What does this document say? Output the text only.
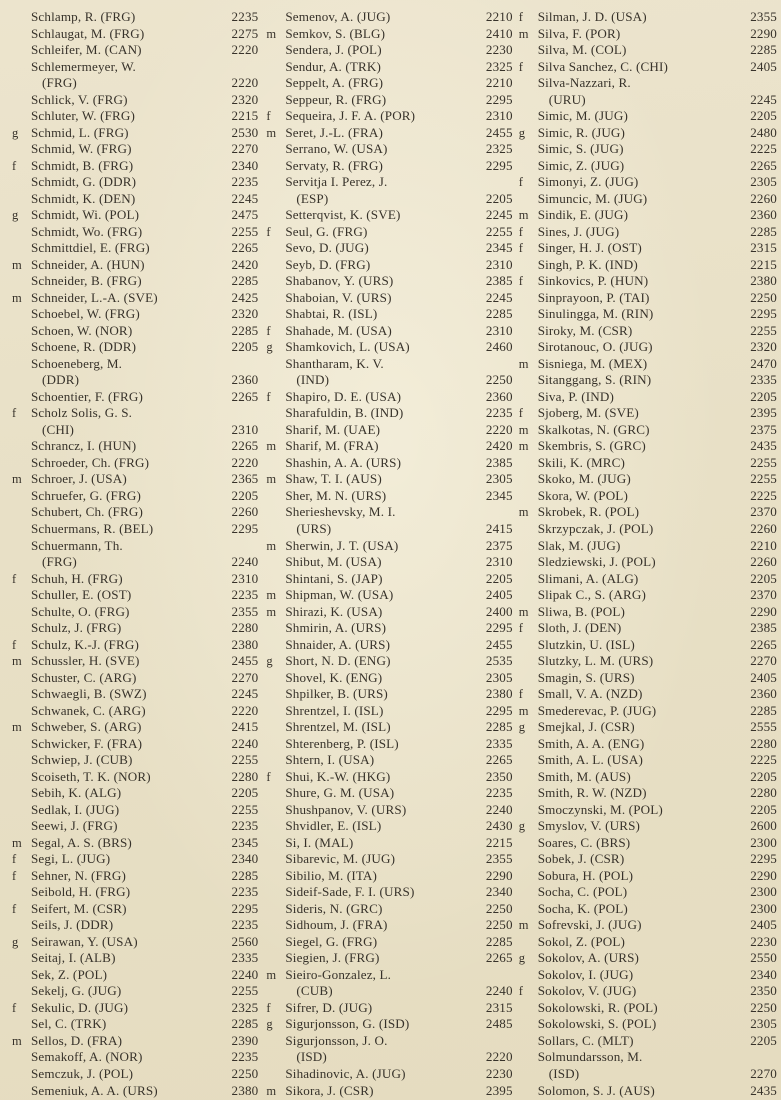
Schlamp, R. (FRG)	2235
Schlaugat, M. (FRG)	2275
Schleifer, M. (CAN)	2220
Schlemermeyer, W.
(FRG)	2220
Schlick, V. (FRG)	2320
Schluter, W. (FRG)	2215
g Schmid, L. (FRG)	2530
Schmid, W. (FRG)	2270
f	Schmidt, B. (FRG)	2340
Schmidt, G. (DDR)	2235
Schmidt, K. (DEN)	2245
g Schmidt, Wi. (POL)	2475
Schmidt, Wo. (FRG)	2255
Schmittdiel, E. (FRG)	2265
m Schneider, A. (HUN)	2420
Schneider, B. (FRG)	2285
m Schneider, L.-A. (SVE)	2425
Schoebel, W. (FRG)	2320
Schoen, W. (NOR)	2285
Schoene, R. (DDR)	2205
Schoeneberg, M.
(DDR)	2360
Schoentier, F. (FRG)	2265
f	Scholz Solis, G. S.
(CHI)	2310
Schrancz, I. (HUN)	2265
Schroeder, Ch. (FRG)	2220
m Schroer, J. (USA)	2365
Schruefer, G. (FRG)	2205
Schubert, Ch. (FRG)	2260
Schuermans, R. (BEL)	2295
Schuermann, Th.
(FRG)	2240
f	Schuh, H. (FRG)	2310
Schuller, E. (OST)	2235
Schulte, O. (FRG)	2355
Schulz, J. (FRG)	2280
f	Schulz, K.-J. (FRG)	2380
m Schussler, H. (SVE)	2455
Schuster, C. (ARG)	2270
Schwaegli, B. (SWZ)	2245
Schwanek, C. (ARG)	2220
m Schweber, S. (ARG)	2415
Schwicker, F. (FRA)	2240
Schwiep, J. (CUB)	2255
Scoiseth, T. K. (NOR)	2280
Sebih, K. (ALG)	2205
Sedlak, I. (JUG)	2255
Seewi, J. (FRG)	2235
m Segal, A. S. (BRS)	2345
f	Segi, L. (JUG)	2340
f	Sehner, N. (FRG)	2285
Seibold, H. (FRG)	2235
f	Seifert, M. (CSR)	2295
Seils, J. (DDR)	2235
g Seirawan, Y. (USA)	2560
Seitaj, I. (ALB)	2335
Sek, Z. (POL)	2240
Sekelj, G. (JUG)	2255
f	Sekulic, D. (JUG)	2325
Sel, C. (TRK)	2285
m Sellos, D. (FRA)	2390
Semakoff, A. (NOR)	2235
Semczuk, J. (POL)	2250
Semeniuk, A. A. (URS)	2380
Semenov, A. (JUG)	2210
m Semkov, S. (BLG)	2410
Sendera, J. (POL)	2230
Sendur, A. (TRK)	2325
Seppelt, A. (FRG)	2210
Seppeur, R. (FRG)	2295
f	Sequeira, J. F. A. (POR)	2310
m Seret, J.-L. (FRA)	2455
Serrano, W. (USA)	2325
Servaty, R. (FRG)	2295
Servitja I. Perez, J.
(ESP)	2205
Setterqvist, K. (SVE)	2245
f	Seul, G. (FRG)	2255
Sevo, D. (JUG)	2345
Seyb, D. (FRG)	2310
Shabanov, Y. (URS)	2385
Shaboian, V. (URS)	2245
Shabtai, R. (ISL)	2285
f	Shahade, M. (USA)	2310
g Shamkovich, L. (USA)	2460
Shantharam, K. V.
(IND)	2250
f	Shapiro, D. E. (USA)	2360
Sharafuldin, B. (IND)	2235
Sharif, M. (UAE)	2220
m Sharif, M. (FRA)	2420
Shashin, A. A. (URS)	2385
m Shaw, T. I. (AUS)	2305
Sher, M. N. (URS)	2345
Sherieshevsky, M. I.
(URS)	2415
m Sherwin, J. T. (USA)	2375
Shibut, M. (USA)	2310
Shintani, S. (JAP)	2205
m Shipman, W. (USA)	2405
m Shirazi, K. (USA)	2400
Shmirin, A. (URS)	2295
Shnaider, A. (URS)	2455
g Short, N. D. (ENG)	2535
Shovel, K. (ENG)	2305
Shpilker, B. (URS)	2380
Shrentzel, I. (ISL)	2295
Shrentzel, M. (ISL)	2285
Shterenberg, P. (ISL)	2335
Shtern, I. (USA)	2265
f	Shui, K.-W. (HKG)	2350
Shure, G. M. (USA)	2235
Shushpanov, V. (URS)	2240
Shvidler, E. (ISL)	2430
Si, I. (MAL)	2215
Sibarevic, M. (JUG)	2355
Sibilio, M. (ITA)	2290
Sideif-Sade, F. I. (URS)	2340
Sideris, N. (GRC)	2250
Sidhoum, J. (FRA)	2250
Siegel, G. (FRG)	2285
Siegien, J. (FRG)	2265
m Sieiro-Gonzalez, L.
(CUB)	2240
f	Sifrer, D. (JUG)	2315
g Sigurjonsson, G. (ISD)	2485
Sigurjonsson, J. O.
(ISD)	2220
Sihadinovic, A. (JUG)	2230
m Sikora, J. (CSR)	2395
f	Silman, J. D. (USA)	2355
m Silva, F. (POR)	2290
Silva, M. (COL)	2285
f	Silva Sanchez, C. (CHI)	2405
Silva-Nazzari, R.
(URU)	2245
Simic, M. (JUG)	2205
g Simic, R. (JUG)	2480
Simic, S. (JUG)	2225
Simic, Z. (JUG)	2265
f	Simonyi, Z. (JUG)	2305
Simuncic, M. (JUG)	2260
m Sindik, E. (JUG)	2360
f	Sines, J. (JUG)	2285
f	Singer, H. J. (OST)	2315
Singh, P. K. (IND)	2215
f	Sinkovics, P. (HUN)	2380
Sinprayoon, P. (TAI)	2250
Sinulingga, M. (RIN)	2295
Siroky, M. (CSR)	2255
Sirotanouc, O. (JUG)	2320
m Sisniega, M. (MEX)	2470
Sitanggang, S. (RIN)	2335
Siva, P. (IND)	2205
f	Sjoberg, M. (SVE)	2395
m Skalkotas, N. (GRC)	2375
m Skembris, S. (GRC)	2435
Skili, K. (MRC)	2255
Skoko, M. (JUG)	2255
Skora, W. (POL)	2225
m Skrobek, R. (POL)	2370
Skrzypczak, J. (POL)	2260
Slak, M. (JUG)	2210
Sledziewski, J. (POL)	2260
Slimani, A. (ALG)	2205
Slipak C., S. (ARG)	2370
m Sliwa, B. (POL)	2290
f	Sloth, J. (DEN)	2385
Slutzkin, U. (ISL)	2265
Slutzky, L. M. (URS)	2270
Smagin, S. (URS)	2405
f	Small, V. A. (NZD)	2360
m Smederevac, P. (JUG)	2285
g Smejkal, J. (CSR)	2555
Smith, A. A. (ENG)	2280
Smith, A. L. (USA)	2225
Smith, M. (AUS)	2205
Smith, R. W. (NZD)	2280
Smoczynski, M. (POL)	2205
g Smyslov, V. (URS)	2600
Soares, C. (BRS)	2300
Sobek, J. (CSR)	2295
Sobura, H. (POL)	2290
Socha, C. (POL)	2300
Socha, K. (POL)	2300
m Sofrevski, J. (JUG)	2405
Sokol, Z. (POL)	2230
g Sokolov, A. (URS)	2550
Sokolov, I. (JUG)	2340
f	Sokolov, V. (JUG)	2350
Sokolowski, R. (POL)	2250
Sokolowski, S. (POL)	2305
Sollars, C. (MLT)	2205
Solmundarsson, M.
(ISD)	2270
Solomon, S. J. (AUS)	2435
